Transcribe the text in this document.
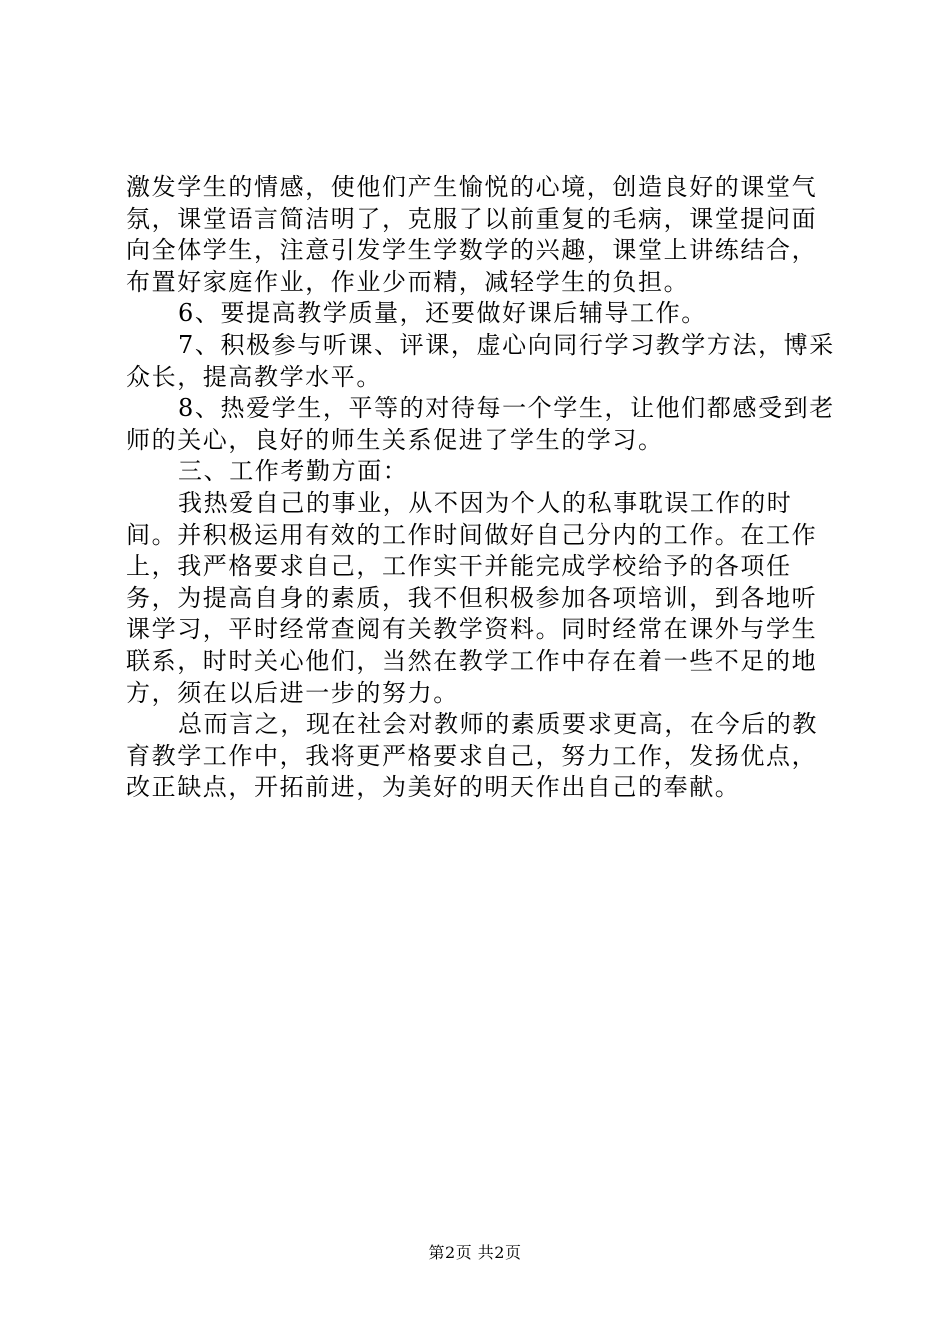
激发学生的情感，使他们产生愉悦的心境，创造良好的课堂气氛，课堂语言简洁明了，克服了以前重复的毛病，课堂提问面向全体学生，注意引发学生学数学的兴趣，课堂上讲练结合，布置好家庭作业，作业少而精，减轻学生的负担。

6、要提高教学质量，还要做好课后辅导工作。

7、积极参与听课、评课，虚心向同行学习教学方法，博采众长，提高教学水平。

8、热爱学生，平等的对待每一个学生，让他们都感受到老师的关心，良好的师生关系促进了学生的学习。

三、工作考勤方面：

我热爱自己的事业，从不因为个人的私事耽误工作的时间。并积极运用有效的工作时间做好自己分内的工作。在工作上，我严格要求自己，工作实干并能完成学校给予的各项任务，为提高自身的素质，我不但积极参加各项培训，到各地听课学习，平时经常查阅有关教学资料。同时经常在课外与学生联系，时时关心他们，当然在教学工作中存在着一些不足的地方，须在以后进一步的努力。

总而言之，现在社会对教师的素质要求更高，在今后的教育教学工作中，我将更严格要求自己，努力工作，发扬优点，改正缺点，开拓前进，为美好的明天作出自己的奉献。

第2页 共2页
